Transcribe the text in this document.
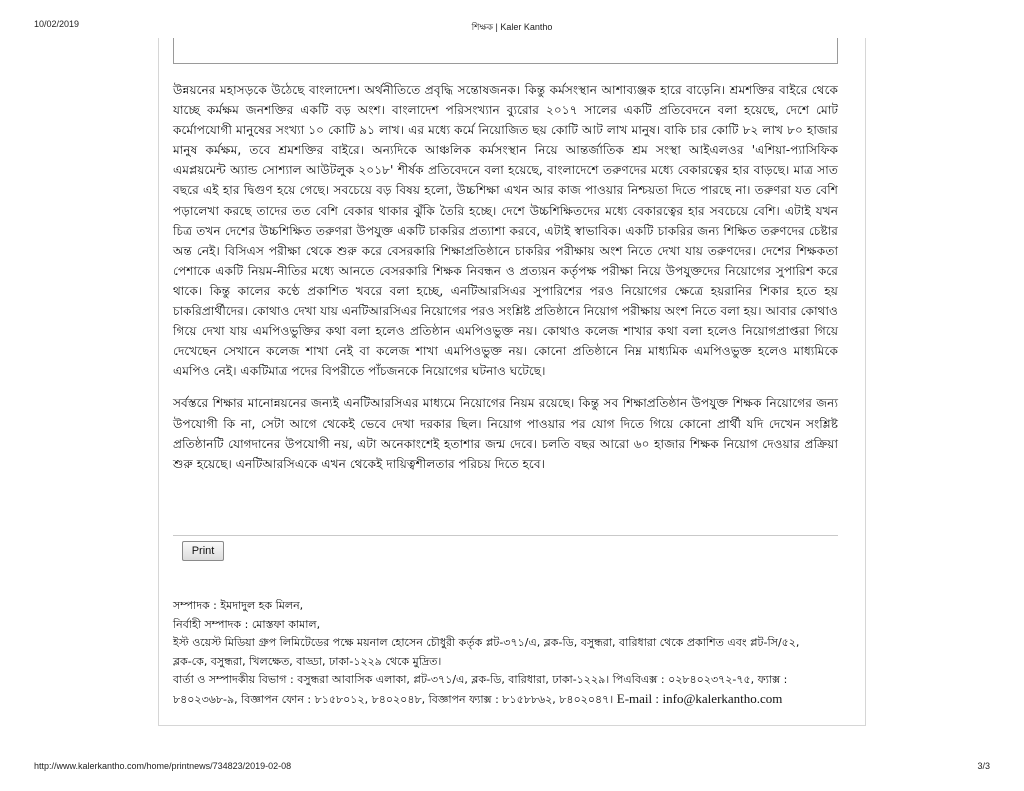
10/02/2019	শিক্ষক | Kaler Kantho

উন্নয়নের মহাসড়কে উঠেছে বাংলাদেশ। অর্থনীতিতে প্রবৃদ্ধি সন্তোষজনক। কিন্তু কর্মসংস্থান আশাব্যঞ্জক হারে বাড়েনি। শ্রমশক্তির বাইরে থেকে যাচ্ছে কর্মক্ষম জনশক্তির একটি বড় অংশ। বাংলাদেশ পরিসংখ্যান ব্যুরোর ২০১৭ সালের একটি প্রতিবেদনে বলা হয়েছে, দেশে মোট কর্মোপযোগী মানুষের সংখ্যা ১০ কোটি ৯১ লাখ। এর মধ্যে কর্মে নিয়োজিত ছয় কোটি আট লাখ মানুষ। বাকি চার কোটি ৮২ লাখ ৮০ হাজার মানুষ কর্মক্ষম, তবে শ্রমশক্তির বাইরে। অন্যদিকে আঞ্চলিক কর্মসংস্থান নিয়ে আন্তর্জাতিক শ্রম সংস্থা আইএলওর 'এশিয়া-প্যাসিফিক এমপ্লয়মেন্ট অ্যান্ড সোশ্যাল আউটলুক ২০১৮' শীর্ষক প্রতিবেদনে বলা হয়েছে, বাংলাদেশে তরুণদের মধ্যে বেকারত্বের হার বাড়ছে। মাত্র সাত বছরে এই হার দ্বিগুণ হয়ে গেছে। সবচেয়ে বড় বিষয় হলো, উচ্চশিক্ষা এখন আর কাজ পাওয়ার নিশ্চয়তা দিতে পারছে না। তরুণরা যত বেশি পড়ালেখা করছে তাদের তত বেশি বেকার থাকার ঝুঁকি তৈরি হচ্ছে। দেশে উচ্চশিক্ষিতদের মধ্যে বেকারত্বের হার সবচেয়ে বেশি। এটাই যখন চিত্র তখন দেশের উচ্চশিক্ষিত তরুণরা উপযুক্ত একটি চাকরির প্রত্যাশা করবে, এটাই স্বাভাবিক। একটি চাকরির জন্য শিক্ষিত তরুণদের চেষ্টার অন্ত নেই। বিসিএস পরীক্ষা থেকে শুরু করে বেসরকারি শিক্ষাপ্রতিষ্ঠানে চাকরির পরীক্ষায় অংশ নিতে দেখা যায় তরুণদের। দেশের শিক্ষকতা পেশাকে একটি নিয়ম-নীতির মধ্যে আনতে বেসরকারি শিক্ষক নিবন্ধন ও প্রত্যয়ন কর্তৃপক্ষ পরীক্ষা নিয়ে উপযুক্তদের নিয়োগের সুপারিশ করে থাকে। কিন্তু কালের কণ্ঠে প্রকাশিত খবরে বলা হচ্ছে, এনটিআরসিএর সুপারিশের পরও নিয়োগের ক্ষেত্রে হয়রানির শিকার হতে হয় চাকরিপ্রার্থীদের। কোথাও দেখা যায় এনটিআরসিএর নিয়োগের পরও সংশ্লিষ্ট প্রতিষ্ঠানে নিয়োগ পরীক্ষায় অংশ নিতে বলা হয়। আবার কোথাও গিয়ে দেখা যায় এমপিওভুক্তির কথা বলা হলেও প্রতিষ্ঠান এমপিওভুক্ত নয়। কোথাও কলেজ শাখার কথা বলা হলেও নিয়োগপ্রাপ্তরা গিয়ে দেখেছেন সেখানে কলেজ শাখা নেই বা কলেজ শাখা এমপিওভুক্ত নয়। কোনো প্রতিষ্ঠানে নিম্ন মাধ্যমিক এমপিওভুক্ত হলেও মাধ্যমিকে এমপিও নেই। একটিমাত্র পদের বিপরীতে পাঁচজনকে নিয়োগের ঘটনাও ঘটেছে।

সর্বস্তরে শিক্ষার মানোন্নয়নের জন্যই এনটিআরসিএর মাধ্যমে নিয়োগের নিয়ম রয়েছে। কিন্তু সব শিক্ষাপ্রতিষ্ঠান উপযুক্ত শিক্ষক নিয়োগের জন্য উপযোগী কি না, সেটা আগে থেকেই ভেবে দেখা দরকার ছিল। নিয়োগ পাওয়ার পর যোগ দিতে গিয়ে কোনো প্রার্থী যদি দেখেন সংশ্লিষ্ট প্রতিষ্ঠানটি যোগদানের উপযোগী নয়, এটা অনেকাংশেই হতাশার জন্ম দেবে। চলতি বছর আরো ৬০ হাজার শিক্ষক নিয়োগ দেওয়ার প্রক্রিয়া শুরু হয়েছে। এনটিআরসিএকে এখন থেকেই দায়িত্বশীলতার পরিচয় দিতে হবে।

Print
সম্পাদক : ইমদাদুল হক মিলন,
নির্বাহী সম্পাদক : মোস্তফা কামাল,
ইস্ট ওয়েস্ট মিডিয়া গ্রুপ লিমিটেডের পক্ষে ময়নাল হোসেন চৌধুরী কর্তৃক প্লট-৩৭১/এ, ব্লক-ডি, বসুন্ধরা, বারিধারা থেকে প্রকাশিত এবং প্লট-সি/৫২,
ব্লক-কে, বসুন্ধরা, খিলক্ষেত, বাড্ডা, ঢাকা-১২২৯ থেকে মুদ্রিত।
বার্তা ও সম্পাদকীয় বিভাগ : বসুন্ধরা আবাসিক এলাকা, প্লট-৩৭১/এ, ব্লক-ডি, বারিধারা, ঢাকা-১২২৯। পিএবিএক্স : ০২৮৪০২৩৭২-৭৫, ফ্যাক্স :
৮৪০২৩৬৮-৯, বিজ্ঞাপন ফোন : ৮১৫৮০১২, ৮৪০২০৪৮, বিজ্ঞাপন ফ্যাক্স : ৮১৫৮৮৬২, ৮৪০২০৪৭। E-mail : info@kalerkantho.com
http://www.kalerkantho.com/home/printnews/734823/2019-02-08	3/3
